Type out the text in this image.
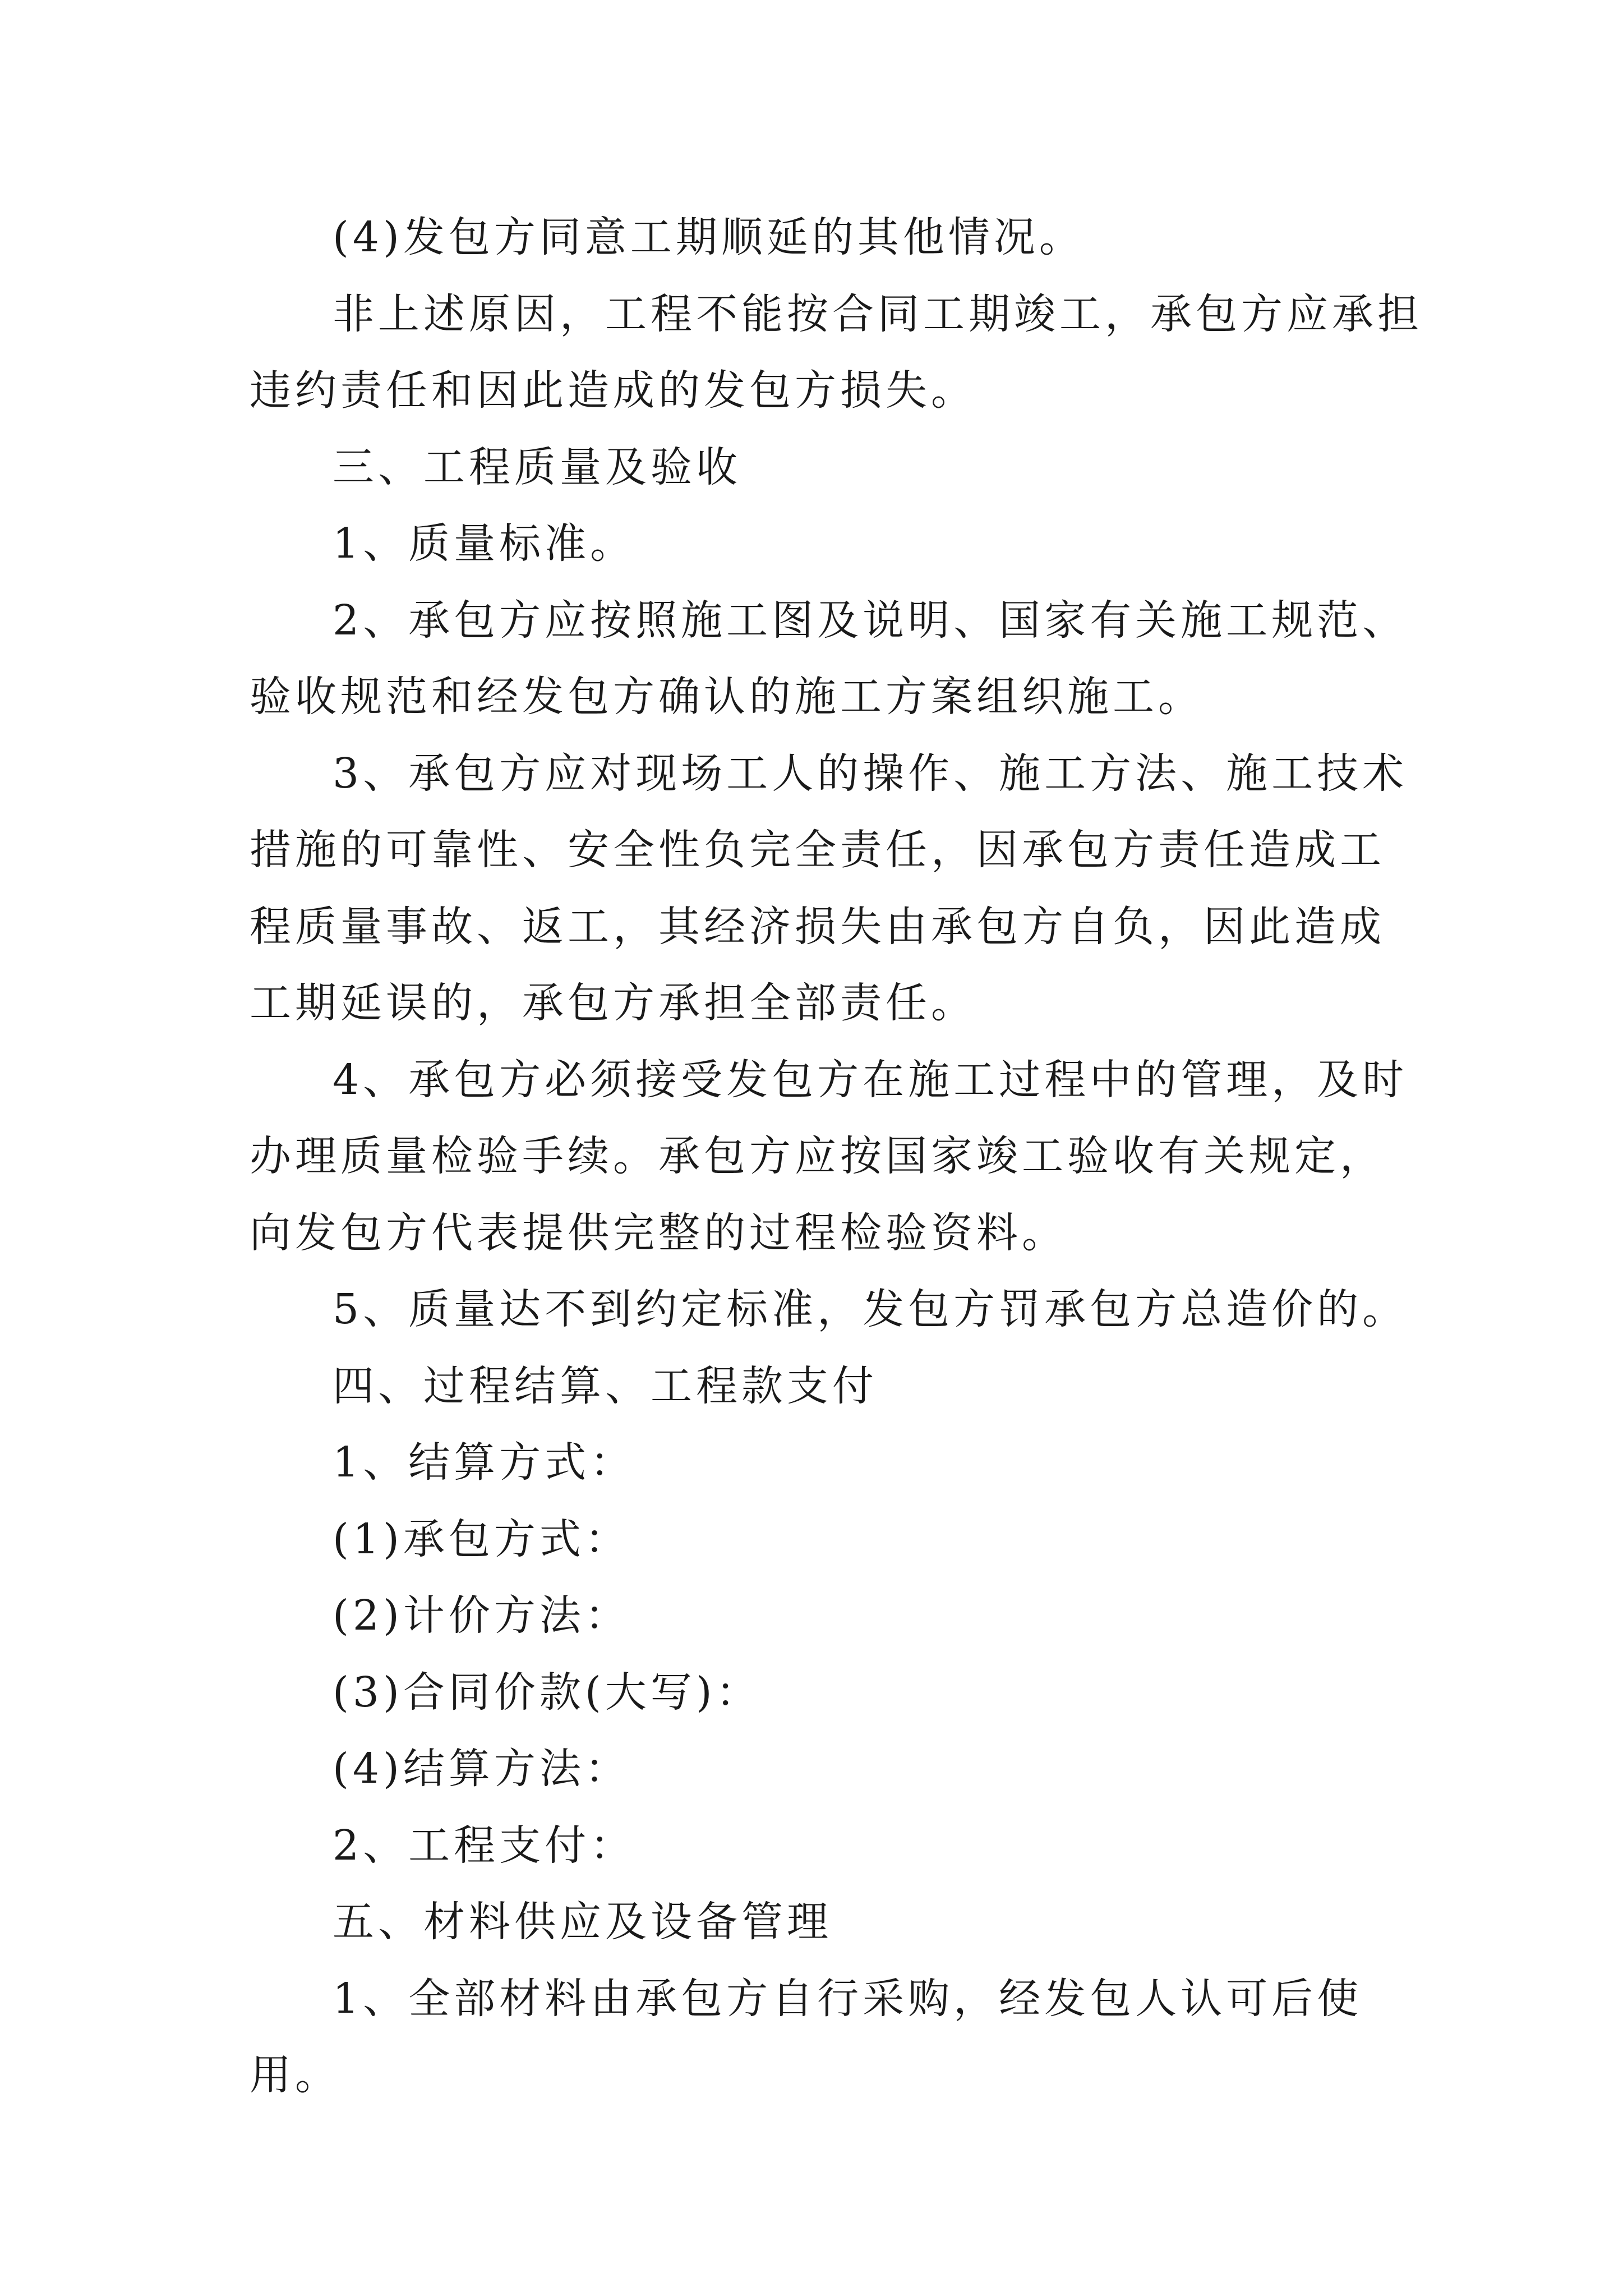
(4)发包方同意工期顺延的其他情况。

非上述原因，工程不能按合同工期竣工，承包方应承担违约责任和因此造成的发包方损失。

三、工程质量及验收

1、质量标准。

2、承包方应按照施工图及说明、国家有关施工规范、验收规范和经发包方确认的施工方案组织施工。

3、承包方应对现场工人的操作、施工方法、施工技术措施的可靠性、安全性负完全责任，因承包方责任造成工程质量事故、返工，其经济损失由承包方自负，因此造成工期延误的，承包方承担全部责任。

4、承包方必须接受发包方在施工过程中的管理，及时办理质量检验手续。承包方应按国家竣工验收有关规定，向发包方代表提供完整的过程检验资料。

5、质量达不到约定标准，发包方罚承包方总造价的。

四、过程结算、工程款支付

1、结算方式：

(1)承包方式：

(2)计价方法：

(3)合同价款(大写)：

(4)结算方法：

2、工程支付：

五、材料供应及设备管理

1、全部材料由承包方自行采购，经发包人认可后使用。
